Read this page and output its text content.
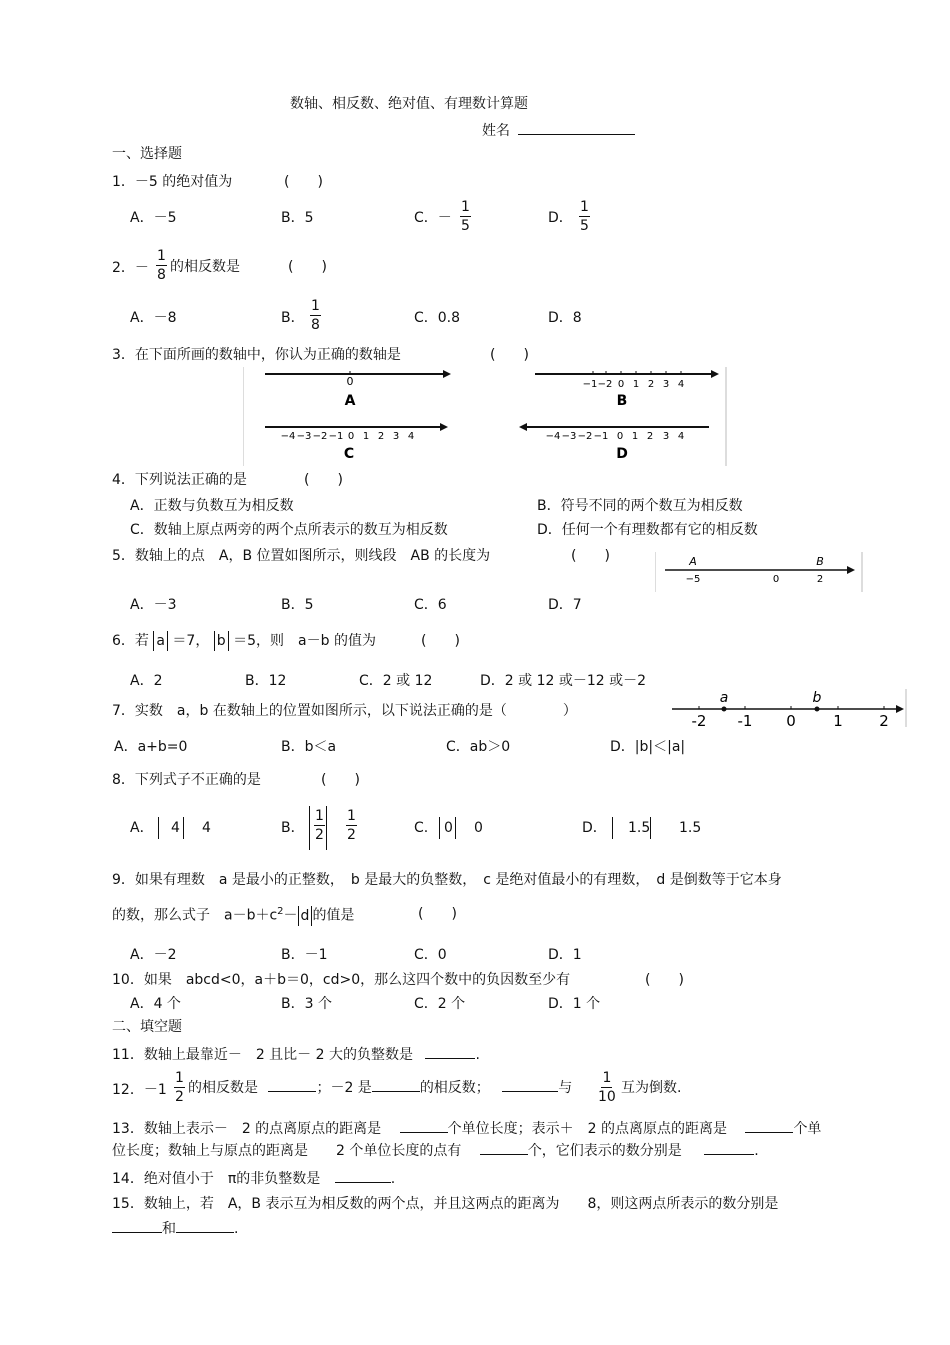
数轴、相反数、绝对值、有理数计算题
姓名
一、选择题
1．－5 的绝对值为	(　　)
A．－5	B．5	C．－ $\frac{1}{5}$	D． $\frac{1}{5}$
2．－ $\frac{1}{8}$ 的相反数是	(　　)
A．－8	B． $\frac{1}{8}$	C．0.8	D．8
3．在下面所画的数轴中，你认为正确的数轴是	(　　)
0
A
−1 −2 0 1 2 3 4
B
−4 −3 −2 −1 0 1 2 3 4
C
−4 −3 −2 −1 0 1 2 3 4
D
4．下列说法正确的是	(　　)
A．正数与负数互为相反数	B．符号不同的两个数互为相反数
C．数轴上原点两旁的两个点所表示的数互为相反数	D．任何一个有理数都有它的相反数
5．数轴上的点　A，B 位置如图所示，则线段　AB 的长度为	(　　)	A	B
−5	0	2
A．－3	B．5	C．6	D．7
6．若 a ＝7， b ＝5，则　a－b 的值为	(　　)
A．2	B．12	C．2 或 12	D．2 或 12 或－12 或－2
7．实数　a，b 在数轴上的位置如图所示，以下说法正确的是（　　　　）
a	b
-2 -1 0 1 2
A．a+b=0	B．b＜a	C．ab＞0	D．|b|＜|a|
8．下列式子不正确的是	(　　)
A． 4 4	B． $\frac{1}{2} \frac{1}{2}$	C. 0 0	D． 1.5 1.5
9．如果有理数　a 是最小的正整数，　b 是最大的负整数，　c 是绝对值最小的有理数，　d 是倒数等于它本身
的数，那么式子　$a-b+c^2- d$ 的值是	(　　)
A．－2	B．－1	C．0	D．1
10．如果　abcd<0，a＋b＝0，cd>0，那么这四个数中的负因数至少有	(　　)
A．4 个	B．3 个	C．2 个	D．1 个
二、填空题
11．数轴上最靠近－　2 且比－ 2 大的负整数是	.
12．$-1 \frac{1}{2}$ 的相反数是	；－2 是	的相反数；	与 $\frac{1}{10}$ 互为倒数.
13．数轴上表示－　2 的点离原点的距离是	个单位长度；表示＋　2 的点离原点的距离是	个单
位长度；数轴上与原点的距离是　　2 个单位长度的点有	个，它们表示的数分别是	.
14．绝对值小于　π的非负整数是	.
15．数轴上，若　A，B 表示互为相反数的两个点，并且这两点的距离为　　8，则这两点所表示的数分别是
和	.
